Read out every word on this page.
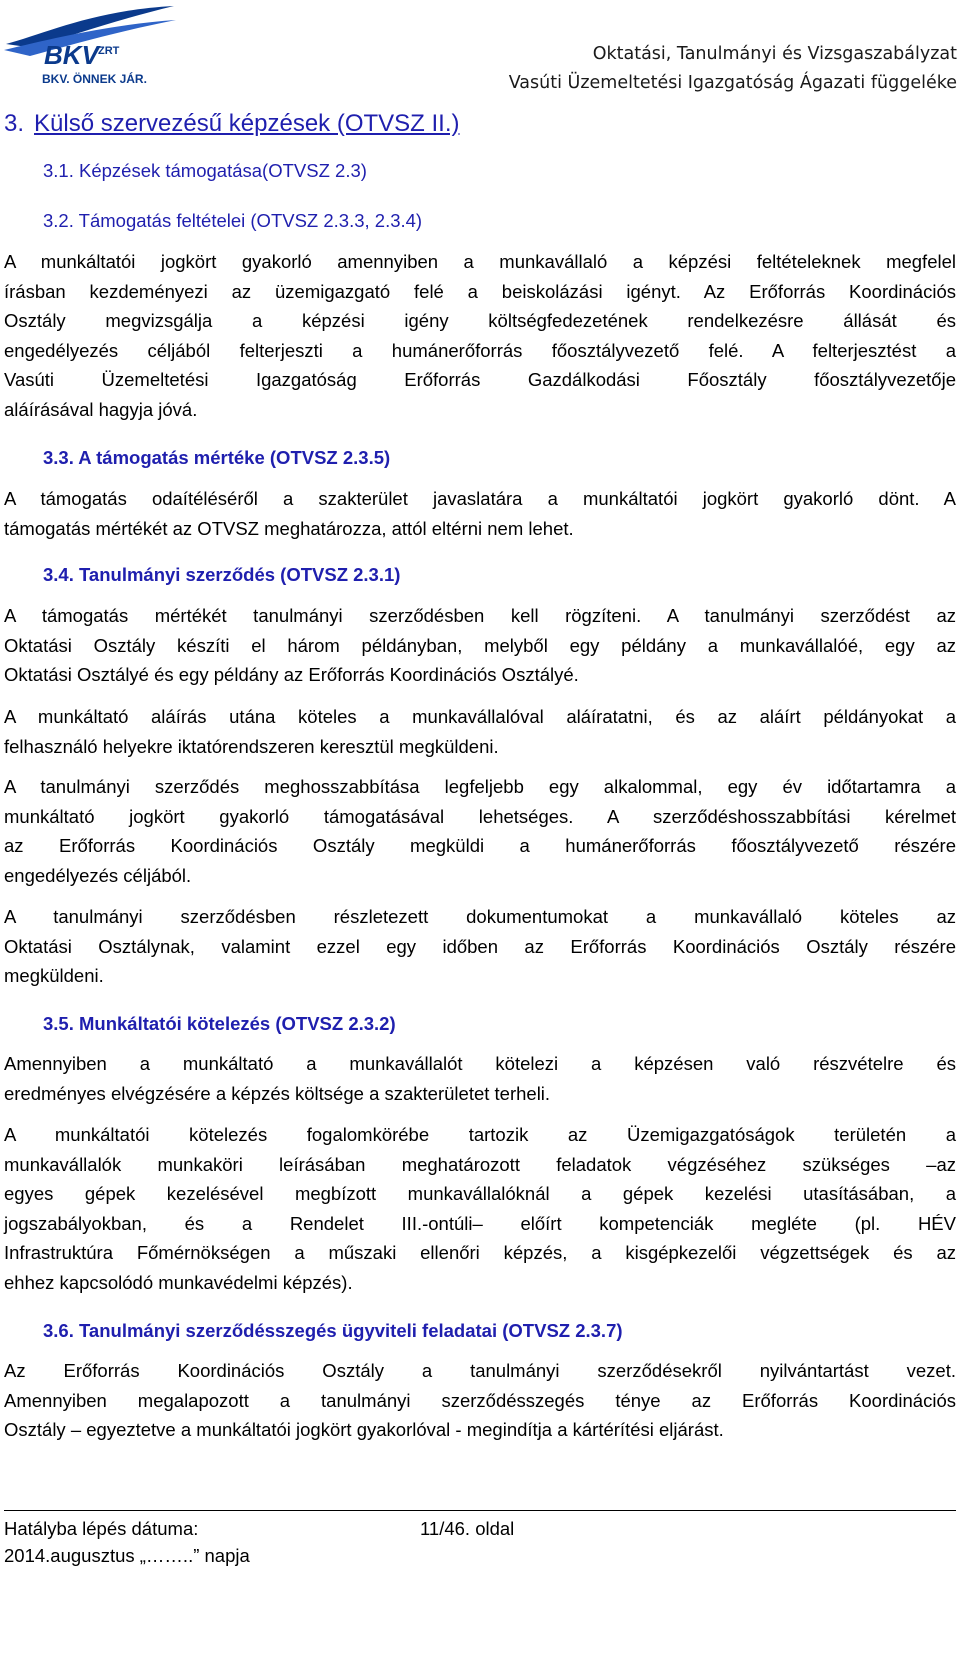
BKV ZRT
BKV. ÖNNEK JÁR.
Oktatási, Tanulmányi és Vizsgaszabályzat
Vasúti Üzemeltetési Igazgatóság Ágazati függeléke
3. Külső szervezésű képzések (OTVSZ II.)
3.1. Képzések támogatása(OTVSZ 2.3)
3.2. Támogatás feltételei (OTVSZ 2.3.3, 2.3.4)
A munkáltatói jogkört gyakorló amennyiben a munkavállaló a képzési feltételeknek megfelel
írásban kezdeményezi az üzemigazgató felé a beiskolázási igényt. Az Erőforrás Koordinációs
Osztály megvizsgálja a képzési igény költségfedezetének rendelkezésre állását és
engedélyezés céljából felterjeszti a humánerőforrás főosztályvezető felé. A felterjesztést a
Vasúti Üzemeltetési Igazgatóság Erőforrás Gazdálkodási Főosztály főosztályvezetője
aláírásával hagyja jóvá.
3.3. A támogatás mértéke (OTVSZ 2.3.5)
A támogatás odaítéléséről a szakterület javaslatára a munkáltatói jogkört gyakorló dönt. A
támogatás mértékét az OTVSZ meghatározza, attól eltérni nem lehet.
3.4. Tanulmányi szerződés (OTVSZ 2.3.1)
A támogatás mértékét tanulmányi szerződésben kell rögzíteni. A tanulmányi szerződést az
Oktatási Osztály készíti el három példányban, melyből egy példány a munkavállalóé, egy az
Oktatási Osztályé és egy példány az Erőforrás Koordinációs Osztályé.
A munkáltató aláírás utána köteles a munkavállalóval aláíratatni, és az aláírt példányokat a
felhasználó helyekre iktatórendszeren keresztül megküldeni.
A tanulmányi szerződés meghosszabbítása legfeljebb egy alkalommal, egy év időtartamra a
munkáltató jogkört gyakorló támogatásával lehetséges. A szerződéshosszabbítási kérelmet
az Erőforrás Koordinációs Osztály megküldi a humánerőforrás főosztályvezető részére
engedélyezés céljából.
A tanulmányi szerződésben részletezett dokumentumokat a munkavállaló köteles az
Oktatási Osztálynak, valamint ezzel egy időben az Erőforrás Koordinációs Osztály részére
megküldeni.
3.5. Munkáltatói kötelezés (OTVSZ 2.3.2)
Amennyiben a munkáltató a munkavállalót kötelezi a képzésen való részvételre és
eredményes elvégzésére a képzés költsége a szakterületet terheli.
A munkáltatói kötelezés fogalomkörébe tartozik az Üzemigazgatóságok területén a
munkavállalók munkaköri leírásában meghatározott feladatok végzéséhez szükséges –az
egyes gépek kezelésével megbízott munkavállalóknál a gépek kezelési utasításában, a
jogszabályokban, és a Rendelet III.-ontúli– előírt kompetenciák megléte (pl. HÉV
Infrastruktúra Főmérnökségen a műszaki ellenőri képzés, a kisgépkezelői végzettségek és az
ehhez kapcsolódó munkavédelmi képzés).
3.6. Tanulmányi szerződésszegés ügyviteli feladatai (OTVSZ 2.3.7)
Az Erőforrás Koordinációs Osztály a tanulmányi szerződésekről nyilvántartást vezet.
Amennyiben megalapozott a tanulmányi szerződésszegés ténye az Erőforrás Koordinációs
Osztály – egyeztetve a munkáltatói jogkört gyakorlóval - megindítja a kártérítési eljárást.
Hatályba lépés dátuma:
2014.augusztus „……..” napja
11/46. oldal
